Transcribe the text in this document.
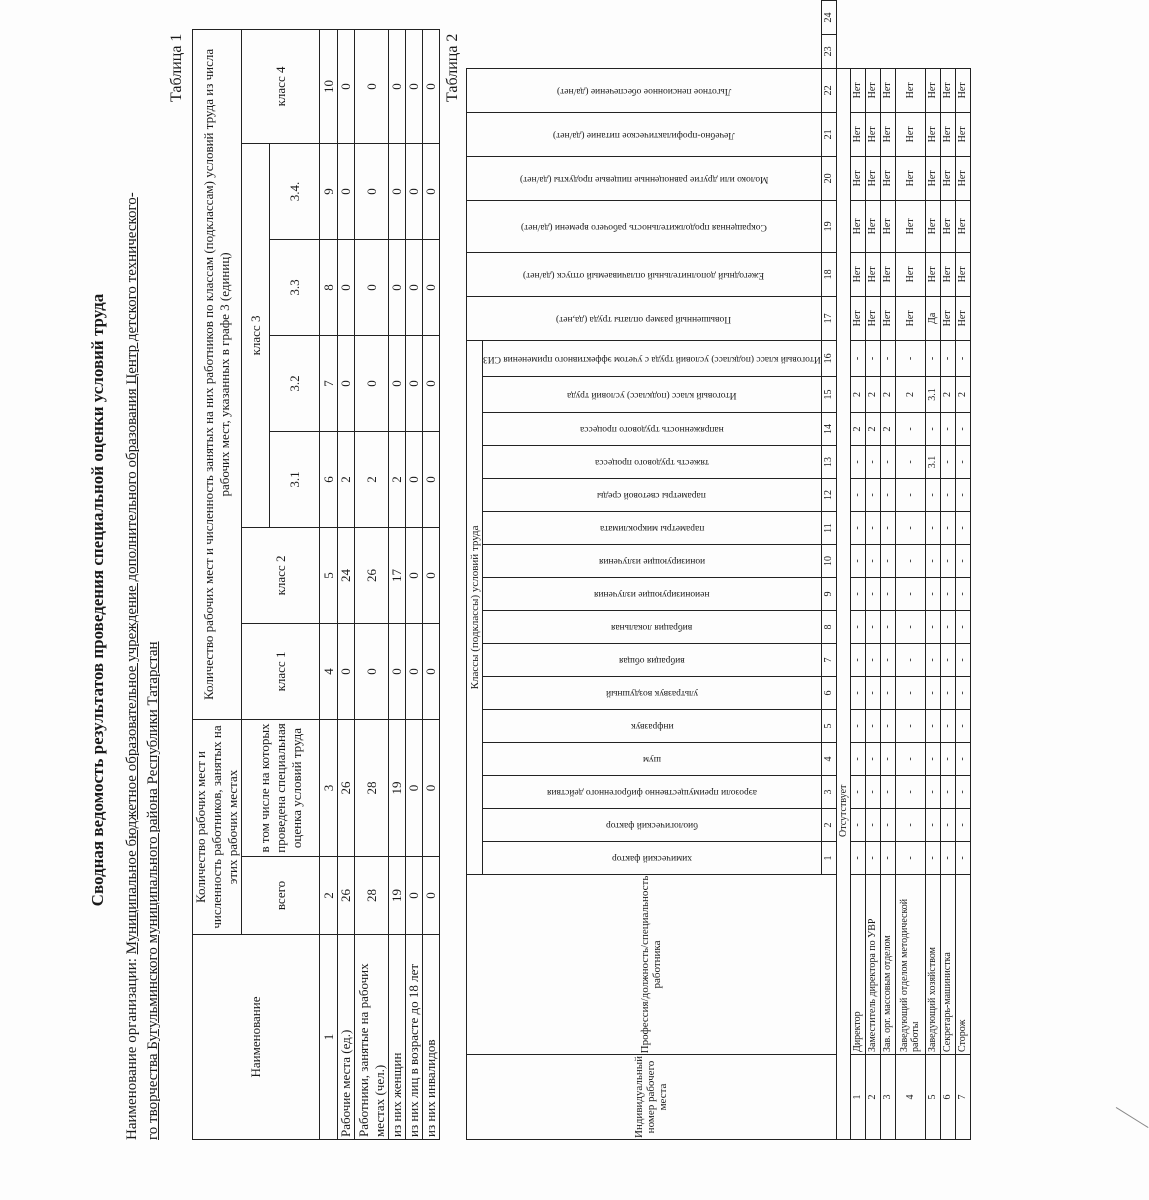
Сводная ведомость результатов проведения специальной оценки условий труда
Наименование организации: Муниципальное бюджетное образовательное учреждение дополнительного образования Центр детского технического-
го творчества Бугульминского муниципального района Республики Татарстан
Таблица 1
Наименование	Количество рабочих мест и численность работников, занятых на этих рабочих местах		Количество рабочих мест и численность занятых на них работников по классам (подклассам) условий труда из числа рабочих мест, указанных в графе 3 (единиц)						
	всего	в том числе на которых проведена специальная оценка условий труда	класс 1	класс 2	класс 3				класс 4
					3.1	3.2	3.3	3.4.	
1	2	3	4	5	6	7	8	9	10
Рабочие места (ед.)	26	26	0	24	2	0	0	0	0
Работники, занятые на рабочих местах (чел.)	28	28	0	26	2	0	0	0	0
из них женщин	19	19	0	17	2	0	0	0	0
из них лиц в возрасте до 18 лет	0	0	0	0	0	0	0	0	0
из них инвалидов	0	0	0	0	0	0	0	0	0 Таблица 2
Индивидуальный номер рабочего места	Профессия/должность/специальность работника	Классы (подклассы) условий труда																Повышенный размер оплаты труда (да,нет)	Ежегодный дополнительный оплачиваемый отпуск (да/нет)	Сокращенная продолжительность рабочего времени (да/нет)	Молоко или другие равноценные пищевые продукты (да/нет)	Лечебно-профилактическое питание (да/нет)	Льготное пенсионное обеспечение (да/нет)		

		химический фактор	биологический фактор	аэрозоли преимущественно фиброгенного действия	шум	инфразвук	ультразвук воздушный	вибрация общая	вибрация локальная	неионизирующие излучения	ионизирующие излучения	параметры микроклимата	параметры световой среды	тяжесть трудового процесса	напряженность трудового процесса	Итоговый класс (подкласс) условий труда	Итоговый класс (подкласс) условий труда с учетом эффективного применения СИЗ								

		1	2	3	4	5	6	7	8	9	10	11	12	13	14	15	16	17	18	19	20	21	22	23	24
Отсутствует																									
1	Директор	-	-	-	-	-	-	-	-	-	-	-	-	-	2	2	-	Нет	Нет	Нет	Нет	Нет	Нет		
2	Заместитель директора по УВР	-	-	-	-	-	-	-	-	-	-	-	-	-	2	2	-	Нет	Нет	Нет	Нет	Нет	Нет		
3	Зав. орг. массовым отделом	-	-	-	-	-	-	-	-	-	-	-	-	-	2	2	-	Нет	Нет	Нет	Нет	Нет	Нет		
4	Заведующий отделом методической работы	-	-	-	-	-	-	-	-	-	-	-	-	-	-	2	-	Нет	Нет	Нет	Нет	Нет	Нет		
5	Заведующий хозяйством	-	-	-	-	-	-	-	-	-	-	-	-	3.1	-	3.1	-	Да	Нет	Нет	Нет	Нет	Нет		
6	Секретарь-машинистка	-	-	-	-	-	-	-	-	-	-	-	-	-	-	2	-	Нет	Нет	Нет	Нет	Нет	Нет		
7	Сторож	-	-	-	-	-	-	-	-	-	-	-	-	-	-	2	-	Нет	Нет	Нет	Нет	Нет	Нет		
